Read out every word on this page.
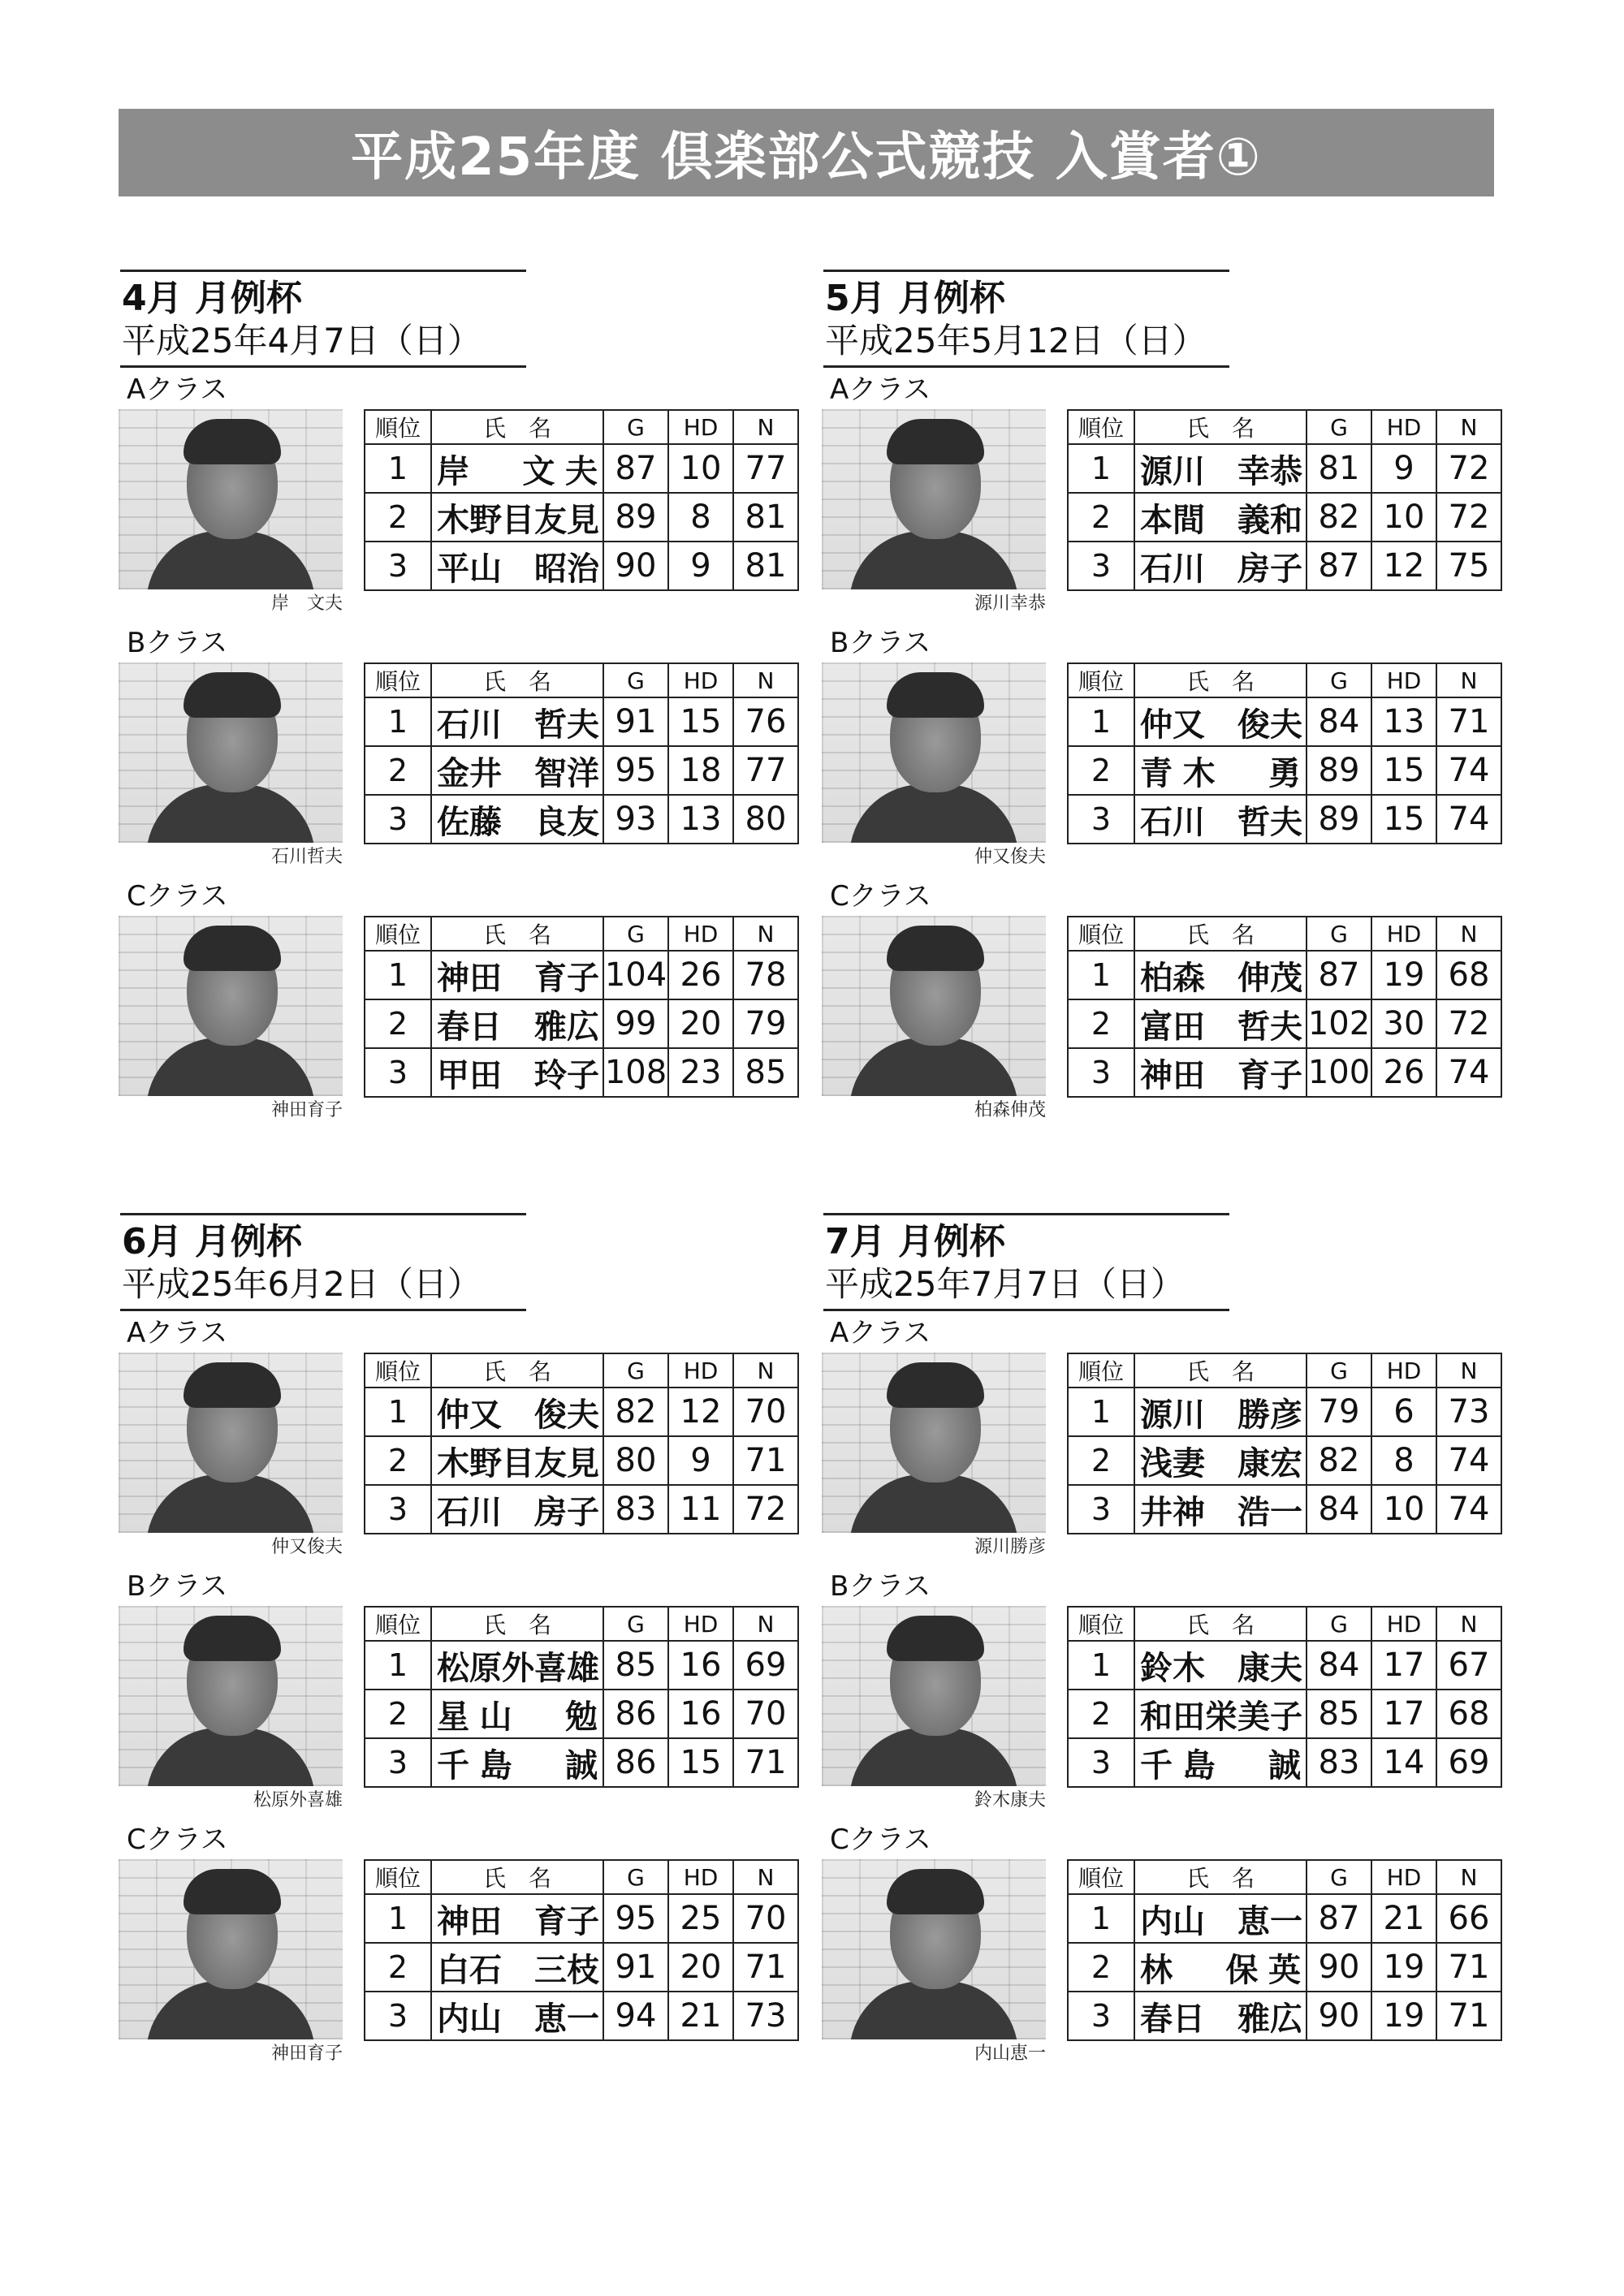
平成25年度 倶楽部公式競技 入賞者①
4月 月例杯
平成25年4月7日（日）
Aクラス
岸　文夫
順位	氏　名	G	HD	N
1	岸　文夫	87	10	77
2	木野目友見	89	8	81
3	平山　昭治	90	9	81
Bクラス
石川哲夫
順位	氏　名	G	HD	N
1	石川　哲夫	91	15	76
2	金井　智洋	95	18	77
3	佐藤　良友	93	13	80
Cクラス
神田育子
順位	氏　名	G	HD	N
1	神田　育子	104	26	78
2	春日　雅広	99	20	79
3	甲田　玲子	108	23	85
5月 月例杯
平成25年5月12日（日）
Aクラス
源川幸恭
順位	氏　名	G	HD	N
1	源川　幸恭	81	9	72
2	本間　義和	82	10	72
3	石川　房子	87	12	75
Bクラス
仲又俊夫
順位	氏　名	G	HD	N
1	仲又　俊夫	84	13	71
2	青木　勇	89	15	74
3	石川　哲夫	89	15	74
Cクラス
柏森伸茂
順位	氏　名	G	HD	N
1	柏森　伸茂	87	19	68
2	富田　哲夫	102	30	72
3	神田　育子	100	26	74
6月 月例杯
平成25年6月2日（日）
Aクラス
仲又俊夫
順位	氏　名	G	HD	N
1	仲又　俊夫	82	12	70
2	木野目友見	80	9	71
3	石川　房子	83	11	72
Bクラス
松原外喜雄
順位	氏　名	G	HD	N
1	松原外喜雄	85	16	69
2	星山　勉	86	16	70
3	千島　誠	86	15	71
Cクラス
神田育子
順位	氏　名	G	HD	N
1	神田　育子	95	25	70
2	白石　三枝	91	20	71
3	内山　恵一	94	21	73
7月 月例杯
平成25年7月7日（日）
Aクラス
源川勝彦
順位	氏　名	G	HD	N
1	源川　勝彦	79	6	73
2	浅妻　康宏	82	8	74
3	井神　浩一	84	10	74
Bクラス
鈴木康夫
順位	氏　名	G	HD	N
1	鈴木　康夫	84	17	67
2	和田栄美子	85	17	68
3	千島　誠	83	14	69
Cクラス
内山恵一
順位	氏　名	G	HD	N
1	内山　恵一	87	21	66
2	林　保英	90	19	71
3	春日　雅広	90	19	71
